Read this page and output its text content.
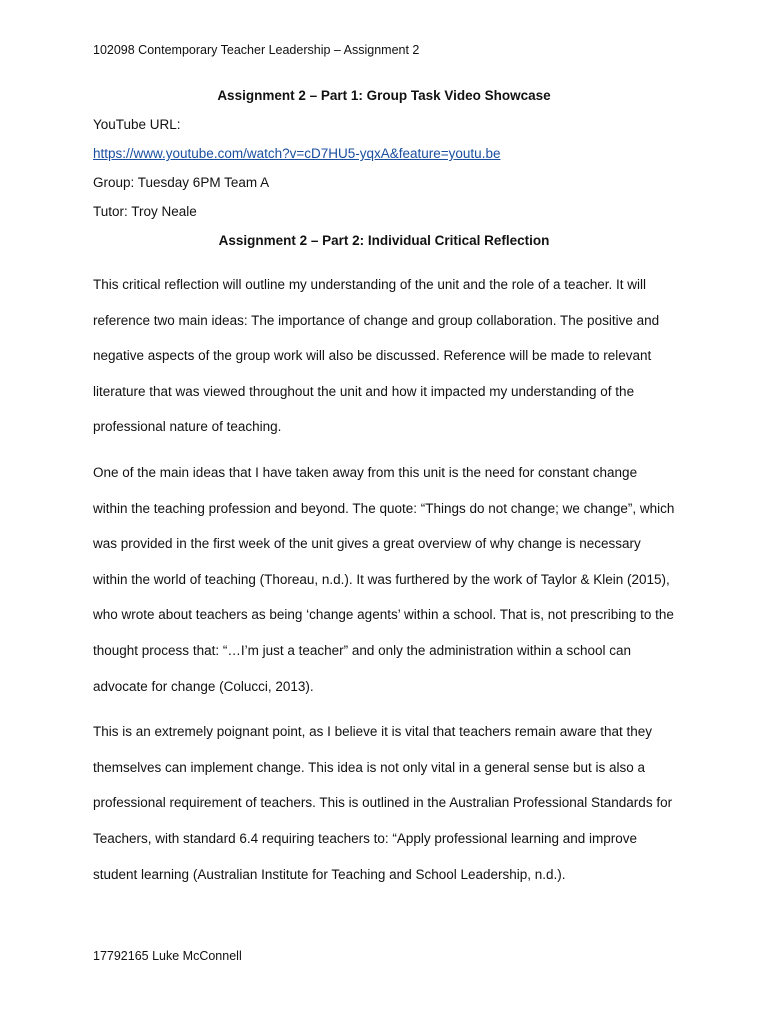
102098 Contemporary Teacher Leadership – Assignment 2

Assignment 2 – Part 1: Group Task Video Showcase

YouTube URL:

https://www.youtube.com/watch?v=cD7HU5-yqxA&feature=youtu.be

Group: Tuesday 6PM Team A

Tutor: Troy Neale

Assignment 2 – Part 2: Individual Critical Reflection

This critical reflection will outline my understanding of the unit and the role of a teacher. It will reference two main ideas: The importance of change and group collaboration. The positive and negative aspects of the group work will also be discussed. Reference will be made to relevant literature that was viewed throughout the unit and how it impacted my understanding of the professional nature of teaching.

One of the main ideas that I have taken away from this unit is the need for constant change within the teaching profession and beyond. The quote: “Things do not change; we change”, which was provided in the first week of the unit gives a great overview of why change is necessary within the world of teaching (Thoreau, n.d.). It was furthered by the work of Taylor & Klein (2015), who wrote about teachers as being ‘change agents’ within a school. That is, not prescribing to the thought process that: “…I’m just a teacher” and only the administration within a school can advocate for change (Colucci, 2013).

This is an extremely poignant point, as I believe it is vital that teachers remain aware that they themselves can implement change. This idea is not only vital in a general sense but is also a professional requirement of teachers. This is outlined in the Australian Professional Standards for Teachers, with standard 6.4 requiring teachers to: “Apply professional learning and improve student learning (Australian Institute for Teaching and School Leadership, n.d.).

17792165 Luke McConnell
